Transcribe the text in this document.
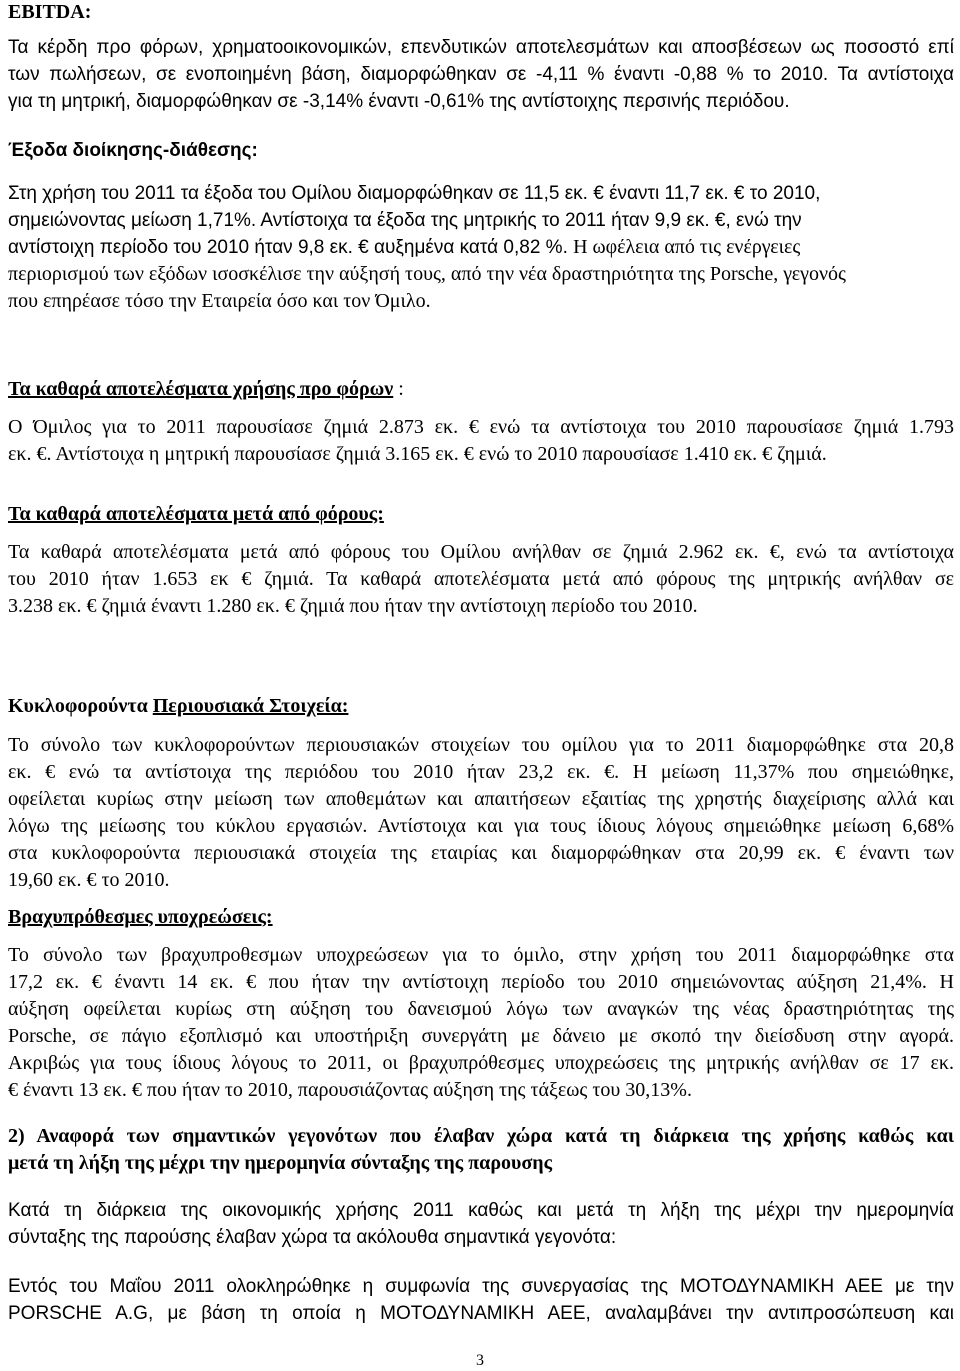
EBITDA:
Τα κέρδη προ φόρων, χρηματοοικονομικών, επενδυτικών αποτελεσμάτων και αποσβέσεων ως ποσοστό επί
των πωλήσεων, σε ενοποιημένη βάση, διαμορφώθηκαν σε -4,11 % έναντι -0,88 % το 2010. Τα αντίστοιχα
για τη μητρική, διαμορφώθηκαν σε -3,14% έναντι -0,61% της αντίστοιχης περσινής περιόδου.
Έξοδα διοίκησης-διάθεσης:
Στη χρήση του 2011 τα έξοδα του Ομίλου διαμορφώθηκαν σε 11,5 εκ. € έναντι 11,7 εκ. € το 2010,
σημειώνοντας μείωση 1,71%. Αντίστοιχα τα έξοδα της μητρικής το 2011 ήταν 9,9 εκ. €, ενώ την
αντίστοιχη περίοδο του 2010 ήταν 9,8 εκ. € αυξημένα κατά 0,82 %. Η ωφέλεια από τις ενέργειες
περιορισμού των εξόδων ισοσκέλισε την αύξησή τους, από την νέα δραστηριότητα της Porsche, γεγονός
που επηρέασε τόσο την Εταιρεία όσο και τον Όμιλο.
Τα καθαρά αποτελέσματα χρήσης προ φόρων :
Ο Όμιλος για το 2011 παρουσίασε ζημιά 2.873 εκ. € ενώ τα αντίστοιχα του 2010 παρουσίασε ζημιά 1.793
εκ. €. Αντίστοιχα η μητρική παρουσίασε ζημιά 3.165 εκ. € ενώ το 2010 παρουσίασε 1.410 εκ. € ζημιά.
Τα καθαρά αποτελέσματα μετά από φόρους:
Τα καθαρά αποτελέσματα μετά από φόρους του Ομίλου ανήλθαν σε ζημιά 2.962 εκ. €, ενώ τα αντίστοιχα
του 2010 ήταν 1.653 εκ € ζημιά. Τα καθαρά αποτελέσματα μετά από φόρους της μητρικής ανήλθαν σε
3.238 εκ. € ζημιά έναντι 1.280 εκ. € ζημιά που ήταν την αντίστοιχη περίοδο του 2010.
Κυκλοφορούντα Περιουσιακά Στοιχεία:
Το σύνολο των κυκλοφορούντων περιουσιακών στοιχείων του ομίλου για το 2011 διαμορφώθηκε στα 20,8
εκ. € ενώ τα αντίστοιχα της περιόδου του 2010 ήταν 23,2 εκ. €. Η μείωση 11,37% που σημειώθηκε,
οφείλεται κυρίως στην μείωση των αποθεμάτων και απαιτήσεων εξαιτίας της χρηστής διαχείρισης αλλά και
λόγω της μείωσης του κύκλου εργασιών. Αντίστοιχα και για τους ίδιους λόγους σημειώθηκε μείωση 6,68%
στα κυκλοφορούντα περιουσιακά στοιχεία της εταιρίας και διαμορφώθηκαν στα 20,99 εκ. € έναντι των
19,60 εκ. € το 2010.
Βραχυπρόθεσμες υποχρεώσεις:
Το σύνολο των βραχυπροθεσμων υποχρεώσεων για το όμιλο, στην χρήση του 2011 διαμορφώθηκε στα
17,2 εκ. € έναντι 14 εκ. € που ήταν την αντίστοιχη περίοδο του 2010 σημειώνοντας αύξηση 21,4%. Η
αύξηση οφείλεται κυρίως στη αύξηση του δανεισμού λόγω των αναγκών της νέας δραστηριότητας της
Porsche, σε πάγιο εξοπλισμό και υποστήριξη συνεργάτη με δάνειο με σκοπό την διείσδυση στην αγορά.
Ακριβώς για τους ίδιους λόγους το 2011, οι βραχυπρόθεσμες υποχρεώσεις της μητρικής ανήλθαν σε 17 εκ.
€ έναντι 13 εκ. € που ήταν το 2010, παρουσιάζοντας αύξηση της τάξεως του 30,13%.
2) Αναφορά των σημαντικών γεγονότων που έλαβαν χώρα κατά τη διάρκεια της χρήσης καθώς και
μετά τη λήξη της μέχρι την ημερομηνία σύνταξης της παρουσης
Κατά τη διάρκεια της οικονομικής χρήσης 2011 καθώς και μετά τη λήξη της μέχρι την ημερομηνία
σύνταξης της παρούσης έλαβαν χώρα τα ακόλουθα σημαντικά γεγονότα:
Εντός του Μαΐου 2011 ολοκληρώθηκε η συμφωνία της συνεργασίας της ΜΟΤΟΔΥΝΑΜΙΚΗ ΑΕΕ με την
PORSCHE A.G, με βάση τη οποία η ΜΟΤΟΔΥΝΑΜΙΚΗ ΑΕΕ, αναλαμβάνει την αντιπροσώπευση και
3
